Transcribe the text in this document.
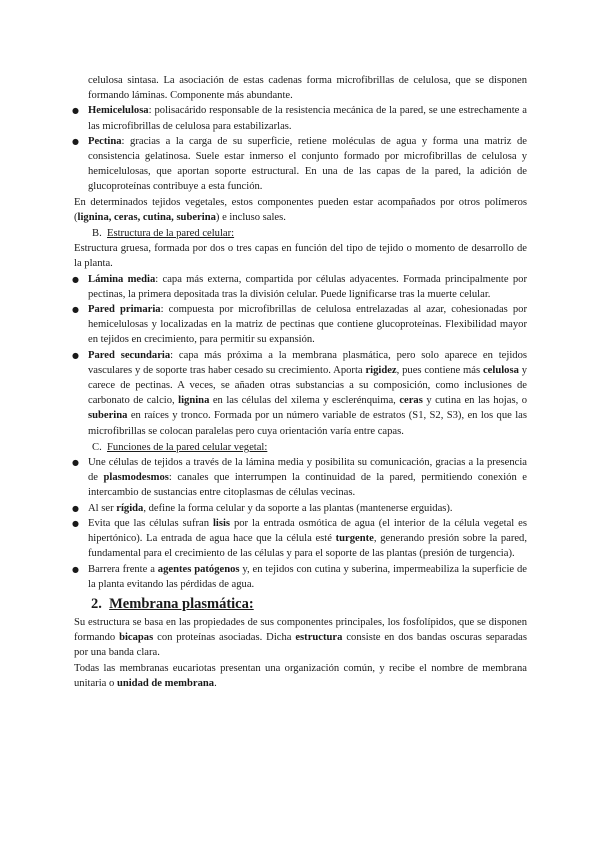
celulosa sintasa. La asociación de estas cadenas forma microfibrillas de celulosa, que se disponen formando láminas. Componente más abundante.

● Hemicelulosa: polisacárido responsable de la resistencia mecánica de la pared, se une estrechamente a las microfibrillas de celulosa para estabilizarlas.
● Pectina: gracias a la carga de su superficie, retiene moléculas de agua y forma una matriz de consistencia gelatinosa. Suele estar inmerso el conjunto formado por microfibrillas de celulosa y hemicelulosas, que aportan soporte estructural. En una de las capas de la pared, la adición de glucoproteínas contribuye a esta función.

En determinados tejidos vegetales, estos componentes pueden estar acompañados por otros polímeros (lignina, ceras, cutina, suberina) e incluso sales.

B. Estructura de la pared celular:

Estructura gruesa, formada por dos o tres capas en función del tipo de tejido o momento de desarrollo de la planta.

● Lámina media: capa más externa, compartida por células adyacentes. Formada principalmente por pectinas, la primera depositada tras la división celular. Puede lignificarse tras la muerte celular.
● Pared primaria: compuesta por microfibrillas de celulosa entrelazadas al azar, cohesionadas por hemicelulosas y localizadas en la matriz de pectinas que contiene glucoproteínas. Flexibilidad mayor en tejidos en crecimiento, para permitir su expansión.
● Pared secundaria: capa más próxima a la membrana plasmática, pero solo aparece en tejidos vasculares y de soporte tras haber cesado su crecimiento. Aporta rigidez, pues contiene más celulosa y carece de pectinas. A veces, se añaden otras substancias a su composición, como inclusiones de carbonato de calcio, lignina en las células del xilema y esclerénquima, ceras y cutina en las hojas, o suberina en raíces y tronco. Formada por un número variable de estratos (S1, S2, S3), en los que las microfibrillas se colocan paralelas pero cuya orientación varía entre capas.
C. Funciones de la pared celular vegetal:
● Une células de tejidos a través de la lámina media y posibilita su comunicación, gracias a la presencia de plasmodesmos: canales que interrumpen la continuidad de la pared, permitiendo conexión e intercambio de sustancias entre citoplasmas de células vecinas.
● Al ser rígida, define la forma celular y da soporte a las plantas (mantenerse erguidas).
● Evita que las células sufran lisis por la entrada osmótica de agua (el interior de la célula vegetal es hipertónico). La entrada de agua hace que la célula esté turgente, generando presión sobre la pared, fundamental para el crecimiento de las células y para el soporte de las plantas (presión de turgencia).
● Barrera frente a agentes patógenos y, en tejidos con cutina y suberina, impermeabiliza la superficie de la planta evitando las pérdidas de agua.
2. Membrana plasmática:

Su estructura se basa en las propiedades de sus componentes principales, los fosfolípidos, que se disponen formando bicapas con proteínas asociadas. Dicha estructura consiste en dos bandas oscuras separadas por una banda clara.

Todas las membranas eucariotas presentan una organización común, y recibe el nombre de membrana unitaria o unidad de membrana.
